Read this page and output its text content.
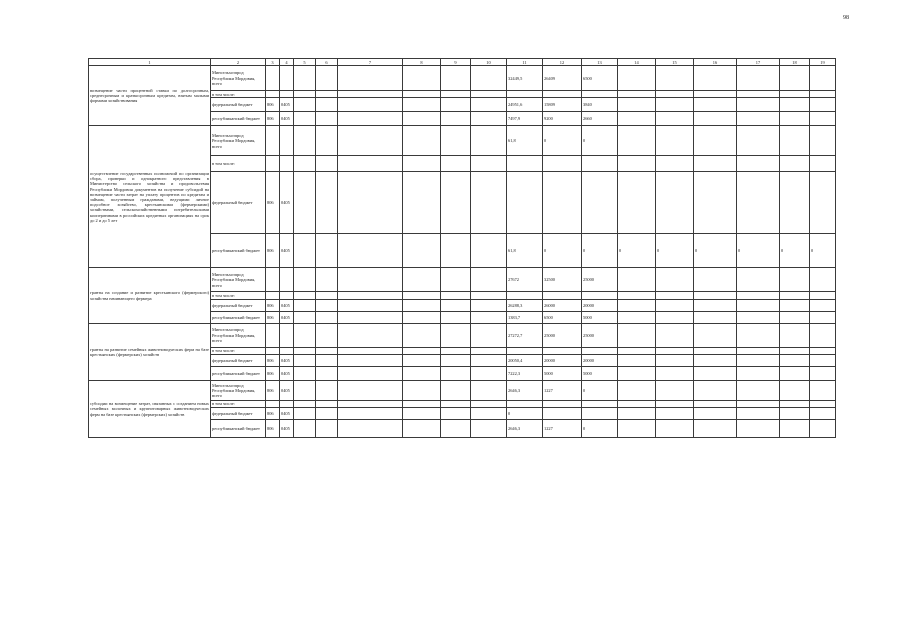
98
1	2	3	4	5	6	7	8	9	10	11	12	13	14	15	16	17	18	19
возмещение части процентной ставки по долгосрочным, среднесрочным и краткосрочным кредитам, взятым малыми формами хозяйствования	Минсельхозпрод Республики Мордовия, всего									32449,5	26409	6500						
	в том числе:																	
	федеральный бюджет	806	0405							24951,6	15809	3840						
	республиканский бюджет	806	0405							7497,9	9200	2660						
осуществление государственных полномочий по организации сбора, проверки и однократного представления в Министерство сельского хозяйства и продовольствия Республики Мордовия документов на получение субсидий на возмещение части затрат на уплату процентов по кредитам и займам, полученным гражданами, ведущими личное подсобное хозяйство, крестьянскими (фермерскими) хозяйствами, сельскохозяйственными потребительскими кооперативами в российских кредитных организациях на срок до 2 и до 5 лет	Минсельхозпрод Республики Мордовия, всего									61,8	0	0						
	в том числе:																	
	федеральный бюджет	806	0405															
	республиканский бюджет	806	0405							61,8	0	0	0	0	0	0	0	0
гранты на создание и развитие крестьянского (фермерского) хозяйства начинающего фермера	Минсельхозпрод Республики Мордовия, всего									27672	32500	25000						
	в том числе:																	
	федеральный бюджет	806	0405							26288,3	26000	20000						
	республиканский бюджет	806	0405							1383,7	6500	5000						
гранты на развитие семейных животноводческих ферм на базе крестьянских (фермерских) хозяйств	Минсельхозпрод Республики Мордовия, всего									27272,7	25000	25000						
	в том числе:																	
	федеральный бюджет	806	0405							20050,4	20000	20000						
	республиканский бюджет	806	0405							7222,3	5000	5000						
субсидии на возмещение затрат, связанных с созданием новых семейных молочных и крупнотоварных животноводческих ферм на базе крестьянских (фермерских) хозяйств	Минсельхозпрод Республики Мордовия, всего	806	0405							2646,3	1227	0						
	в том числе:																	
	федеральный бюджет	806	0405							0								
	республиканский бюджет	806	0405							2646,3	1227	0						
